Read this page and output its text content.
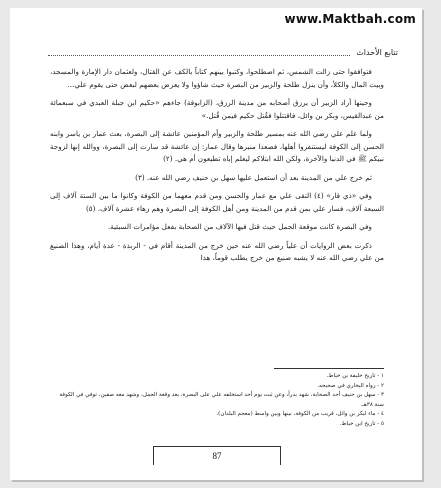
www.Maktbah.com
تتابع الأحداث

فتوافقوا حتى زالت الشمس، ثم اصطلحوا، وكتبوا بينهم كتاباً بالكف عن القتال، ولعثمان دار الإمارة والمسجد، وبيت المال والكلأ، وأن ينزل طلحة والزبير من البصرة حيث شاؤوا ولا يعرض بعضهم لبعض حتى يقوم علي...

وحينها أراد الزبير أن يرزق أصحابه من مدينة الرزق، (الزابوقة) جاءهم «حكيم ابن جبلة العبدي في سبعمائة من عبدالقيس، وبكر بن وائل، فاقتتلوا فقُتل حكيم فيمن قُتل.»

ولما علم علي رضي الله عنه بمسير طلحة والزبير وأم المؤمنين عائشة إلى البصرة، بعث عمار بن ياسر وابنه الحسن إلى الكوفة ليستنفروا أهلها، فصعدا منبرها وقال عمار: إن عائشة قد سارت إلى البصرة، ووالله إنها لزوجة نبيكم ﷺ في الدنيا والآخرة، ولكن الله ابتلاكم ليعلم إياه تطيعون أم هي. (٢)

ثم خرج علي من المدينة بعد أن استعمل عليها سهل بن حنيف رضي الله عنه. (٣)

وفي «ذي قار» (٤) التقى علي مع عمار والحسن ومن قدم معهما من الكوفة وكانوا ما بين الستة آلاف إلى السبعة آلاف، فسار علي بمن قدم من المدينة ومن أهل الكوفة إلى البصرة وهم زهاء عشرة آلاف. (٥)

وفي البصرة كانت موقعة الجمل حيث قتل فيها الآلاف من الصحابة بفعل مؤامرات السبئية.

ذكرت بعض الروايات أن علياً رضي الله عنه حين خرج من المدينة أقام في - الربذة - عدة أيام، وهذا الصنيع من علي رضي الله عنه لا يشبه صنيع من خرج يطلب قوماً، هذا

١ - تاريخ خليفة بن خياط.
٢ - رواه البخاري في صحيحه.
٣ - سهل بن حنيف أحد الصحابة، شهد بدراً، وعن ثبت يوم أحد استخلفه علي على البصرة، بعد وقعة الجمل، وشهد معه صفين، توفي في الكوفة سنة ٣٨هـ.
٤ - ماء لبكر بن وائل، قريب من الكوفة، بينها وبين واسط (معجم البلدان).
٥ - تاريخ ابن خياط.
87
